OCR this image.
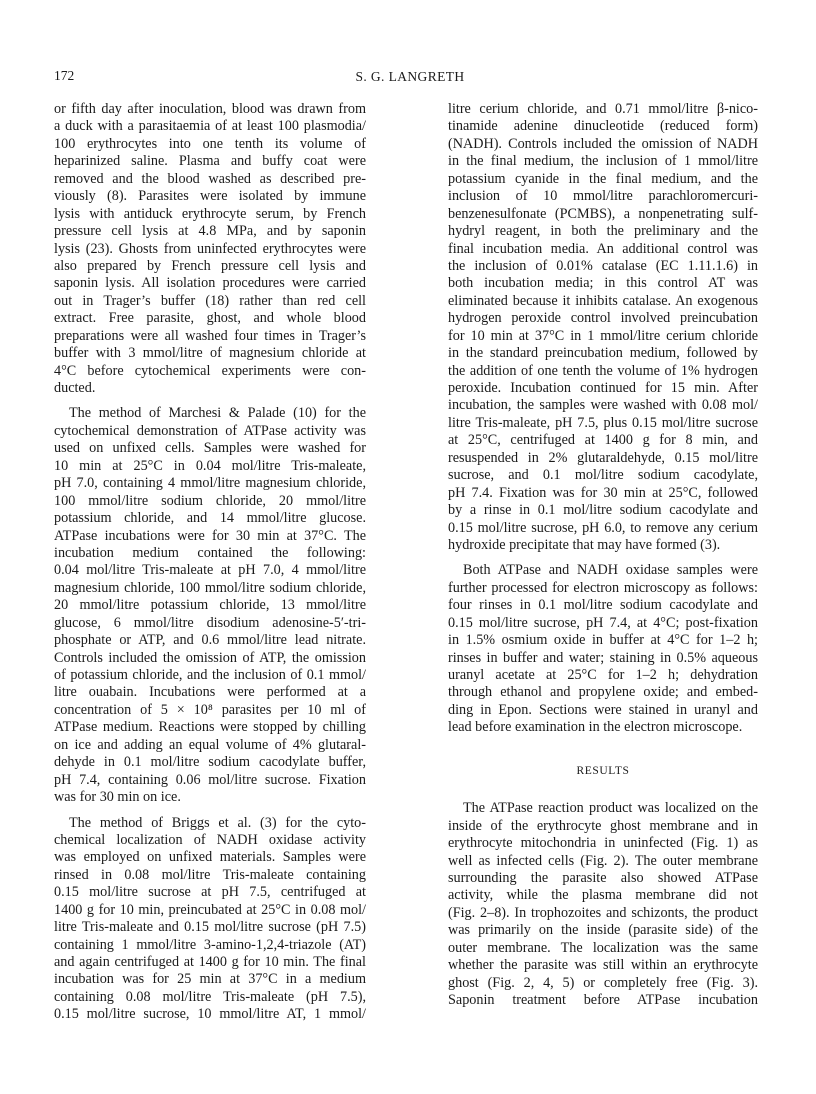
172	S. G. LANGRETH
or fifth day after inoculation, blood was drawn from
a duck with a parasitaemia of at least 100 plasmodia/
100 erythrocytes into one tenth its volume of
heparinized saline. Plasma and buffy coat were
removed and the blood washed as described pre-
viously (8). Parasites were isolated by immune
lysis with antiduck erythrocyte serum, by French
pressure cell lysis at 4.8 MPa, and by saponin
lysis (23). Ghosts from uninfected erythrocytes were
also prepared by French pressure cell lysis and
saponin lysis. All isolation procedures were carried
out in Trager’s buffer (18) rather than red cell
extract. Free parasite, ghost, and whole blood
preparations were all washed four times in Trager’s
buffer with 3 mmol/litre of magnesium chloride at
4°C before cytochemical experiments were con-
ducted.
The method of Marchesi & Palade (10) for the
cytochemical demonstration of ATPase activity was
used on unfixed cells. Samples were washed for
10 min at 25°C in 0.04 mol/litre Tris-maleate,
pH 7.0, containing 4 mmol/litre magnesium chloride,
100 mmol/litre sodium chloride, 20 mmol/litre
potassium chloride, and 14 mmol/litre glucose.
ATPase incubations were for 30 min at 37°C. The
incubation medium contained the following:
0.04 mol/litre Tris-maleate at pH 7.0, 4 mmol/litre
magnesium chloride, 100 mmol/litre sodium chloride,
20 mmol/litre potassium chloride, 13 mmol/litre
glucose, 6 mmol/litre disodium adenosine-5′-tri-
phosphate or ATP, and 0.6 mmol/litre lead nitrate.
Controls included the omission of ATP, the omission
of potassium chloride, and the inclusion of 0.1 mmol/
litre ouabain. Incubations were performed at a
concentration of 5 × 10⁸ parasites per 10 ml of
ATPase medium. Reactions were stopped by chilling
on ice and adding an equal volume of 4% glutaral-
dehyde in 0.1 mol/litre sodium cacodylate buffer,
pH 7.4, containing 0.06 mol/litre sucrose. Fixation
was for 30 min on ice.
The method of Briggs et al. (3) for the cyto-
chemical localization of NADH oxidase activity
was employed on unfixed materials. Samples were
rinsed in 0.08 mol/litre Tris-maleate containing
0.15 mol/litre sucrose at pH 7.5, centrifuged at
1400 g for 10 min, preincubated at 25°C in 0.08 mol/
litre Tris-maleate and 0.15 mol/litre sucrose (pH 7.5)
containing 1 mmol/litre 3-amino-1,2,4-triazole (AT)
and again centrifuged at 1400 g for 10 min. The final
incubation was for 25 min at 37°C in a medium
containing 0.08 mol/litre Tris-maleate (pH 7.5),
0.15 mol/litre sucrose, 10 mmol/litre AT, 1 mmol/
litre cerium chloride, and 0.71 mmol/litre β-nico-
tinamide adenine dinucleotide (reduced form)
(NADH). Controls included the omission of NADH
in the final medium, the inclusion of 1 mmol/litre
potassium cyanide in the final medium, and the
inclusion of 10 mmol/litre parachloromercuri-
benzenesulfonate (PCMBS), a nonpenetrating sulf-
hydryl reagent, in both the preliminary and the
final incubation media. An additional control was
the inclusion of 0.01% catalase (EC 1.11.1.6) in
both incubation media; in this control AT was
eliminated because it inhibits catalase. An exogenous
hydrogen peroxide control involved preincubation
for 10 min at 37°C in 1 mmol/litre cerium chloride
in the standard preincubation medium, followed by
the addition of one tenth the volume of 1% hydrogen
peroxide. Incubation continued for 15 min. After
incubation, the samples were washed with 0.08 mol/
litre Tris-maleate, pH 7.5, plus 0.15 mol/litre sucrose
at 25°C, centrifuged at 1400 g for 8 min, and
resuspended in 2% glutaraldehyde, 0.15 mol/litre
sucrose, and 0.1 mol/litre sodium cacodylate,
pH 7.4. Fixation was for 30 min at 25°C, followed
by a rinse in 0.1 mol/litre sodium cacodylate and
0.15 mol/litre sucrose, pH 6.0, to remove any cerium
hydroxide precipitate that may have formed (3).
Both ATPase and NADH oxidase samples were
further processed for electron microscopy as follows:
four rinses in 0.1 mol/litre sodium cacodylate and
0.15 mol/litre sucrose, pH 7.4, at 4°C; post-fixation
in 1.5% osmium oxide in buffer at 4°C for 1–2 h;
rinses in buffer and water; staining in 0.5% aqueous
uranyl acetate at 25°C for 1–2 h; dehydration
through ethanol and propylene oxide; and embed-
ding in Epon. Sections were stained in uranyl and
lead before examination in the electron microscope.
RESULTS
The ATPase reaction product was localized on the
inside of the erythrocyte ghost membrane and in
erythrocyte mitochondria in uninfected (Fig. 1) as
well as infected cells (Fig. 2). The outer membrane
surrounding the parasite also showed ATPase
activity, while the plasma membrane did not
(Fig. 2–8). In trophozoites and schizonts, the product
was primarily on the inside (parasite side) of the
outer membrane. The localization was the same
whether the parasite was still within an erythrocyte
ghost (Fig. 2, 4, 5) or completely free (Fig. 3).
Saponin treatment before ATPase incubation
